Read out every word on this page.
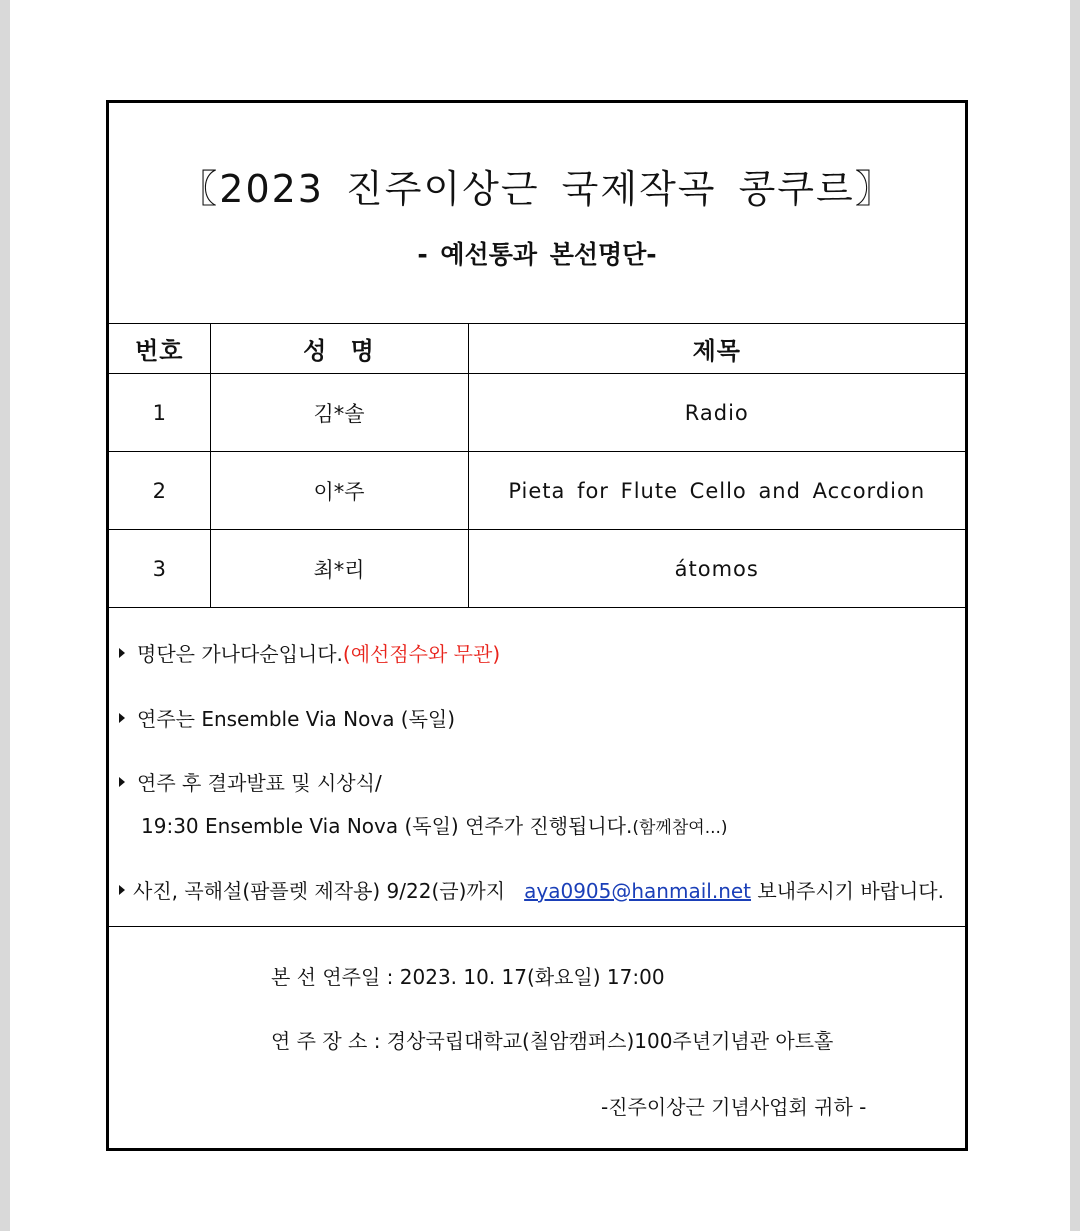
〖2023 진주이상근 국제작곡 콩쿠르〗
- 예선통과 본선명단-
번호	성 명	제목
1	김*솔	Radio
2	이*주	Pieta for Flute Cello and Accordion
3	최*리	átomos
명단은 가나다순입니다.(예선점수와 무관)
연주는 Ensemble Via Nova (독일)
연주 후 결과발표 및 시상식/
19:30 Ensemble Via Nova (독일) 연주가 진행됩니다.(함께참여...)
사진, 곡해설(팜플렛 제작용) 9/22(금)까지 aya0905@hanmail.net 보내주시기 바랍니다.
본 선 연주일 : 2023. 10. 17(화요일) 17:00
연 주 장 소 : 경상국립대학교(칠암캠퍼스)100주년기념관 아트홀
-진주이상근 기념사업회 귀하 -
